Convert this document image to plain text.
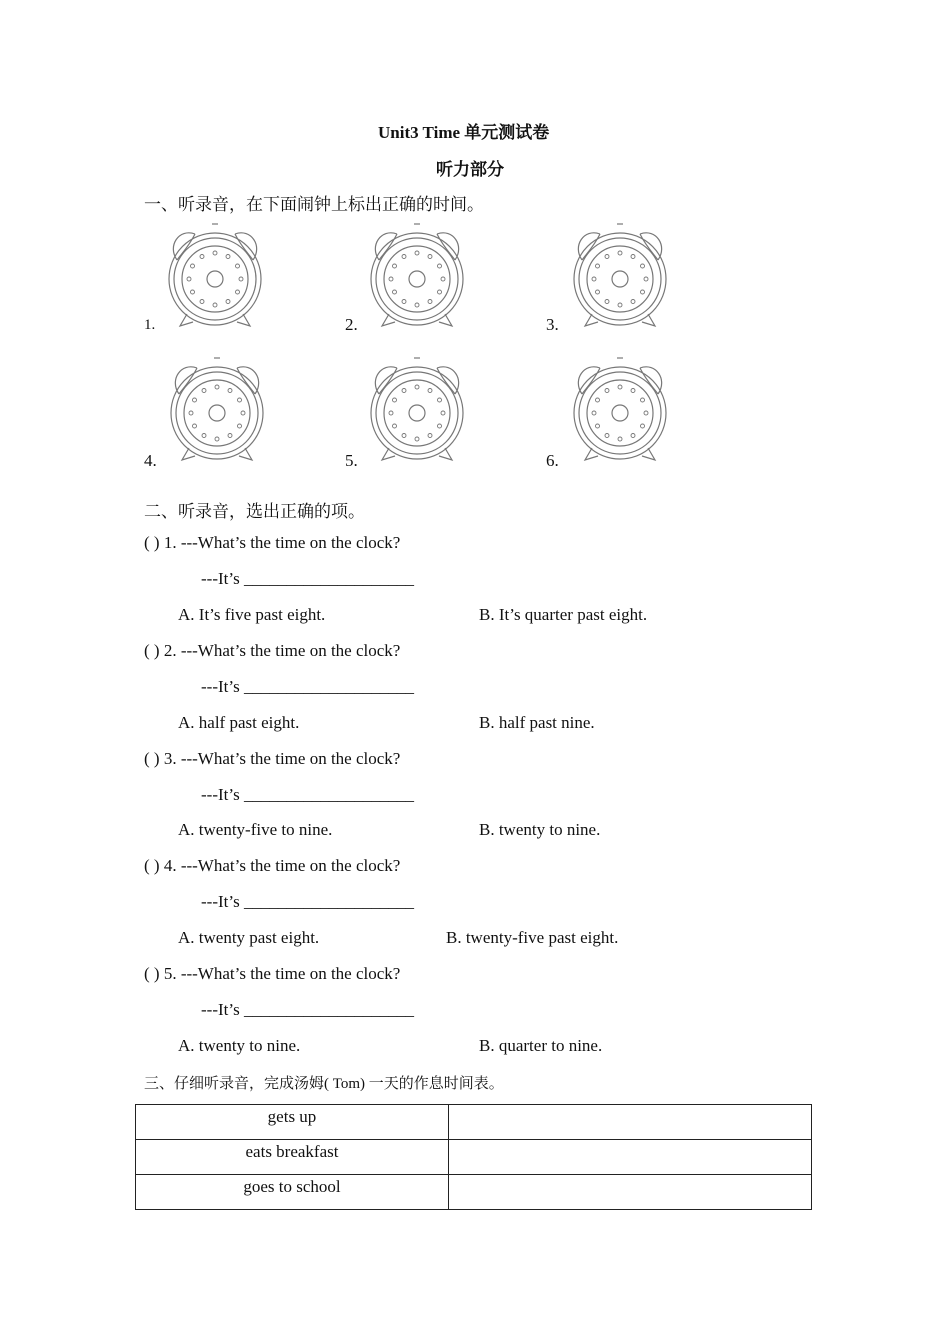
Unit3 Time 单元测试卷
听力部分
一、听录音，在下面闹钟上标出正确的时间。
1.	2.	3.
4.	5.	6.
二、听录音，选出正确的项。
( ) 1. ---What’s the time on the clock?
---It’s ____________________
A. It’s five past eight.	B. It’s quarter past eight.
( ) 2. ---What’s the time on the clock?
---It’s ____________________
A. half past eight.	B. half past nine.
( ) 3. ---What’s the time on the clock?
---It’s ____________________
A. twenty-five to nine.	B. twenty to nine.
( ) 4. ---What’s the time on the clock?
---It’s ____________________
A. twenty past eight.	B. twenty-five past eight.
( ) 5. ---What’s the time on the clock?
---It’s ____________________
A. twenty to nine.	B. quarter to nine.
三、仔细听录音，完成汤姆( Tom) 一天的作息时间表。
gets up	
eats breakfast	
goes to school	
